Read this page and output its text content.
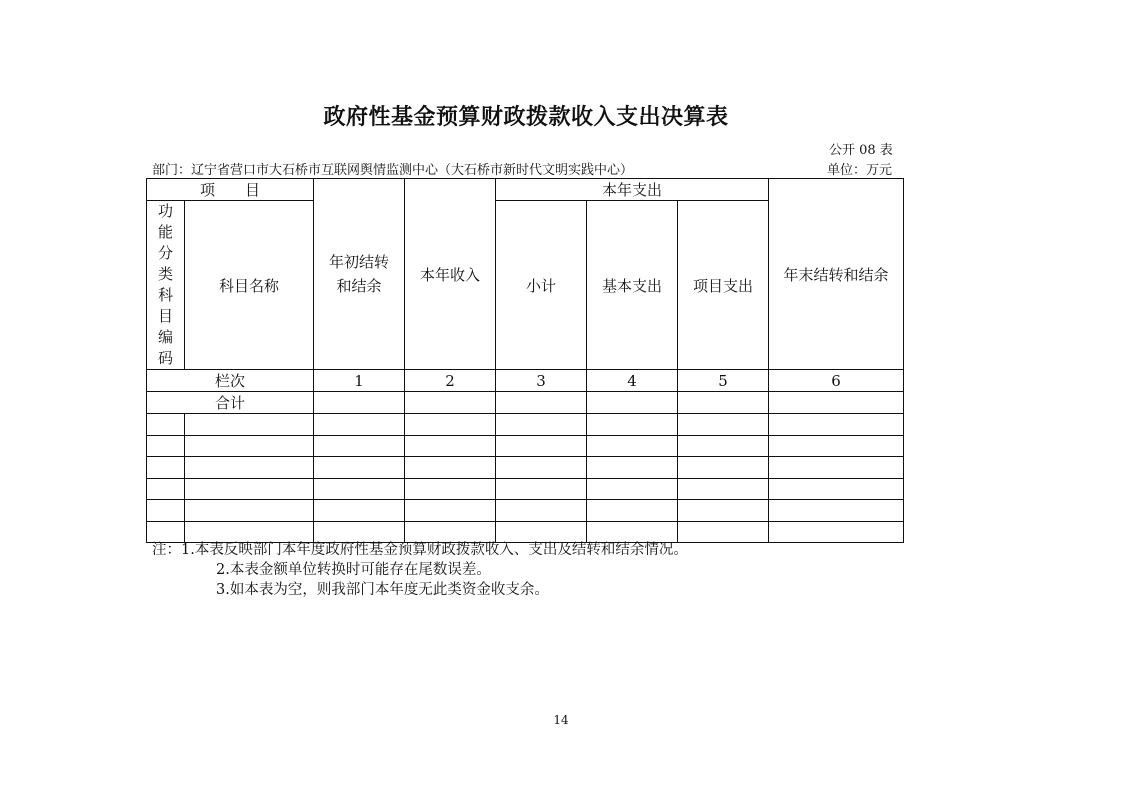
政府性基金预算财政拨款收入支出决算表
公开 08 表
部门：辽宁省营口市大石桥市互联网舆情监测中心（大石桥市新时代文明实践中心）	单位：万元
项　　目		年初结转和结余	本年收入	本年支出			年末结转和结余
功能分类科目编码	科目名称			小计	基本支出	项目支出	
栏次		1	2	3	4	5	6
合计							

注：1.本表反映部门本年度政府性基金预算财政拨款收入、支出及结转和结余情况。
2.本表金额单位转换时可能存在尾数误差。
3.如本表为空，则我部门本年度无此类资金收支余。
14
